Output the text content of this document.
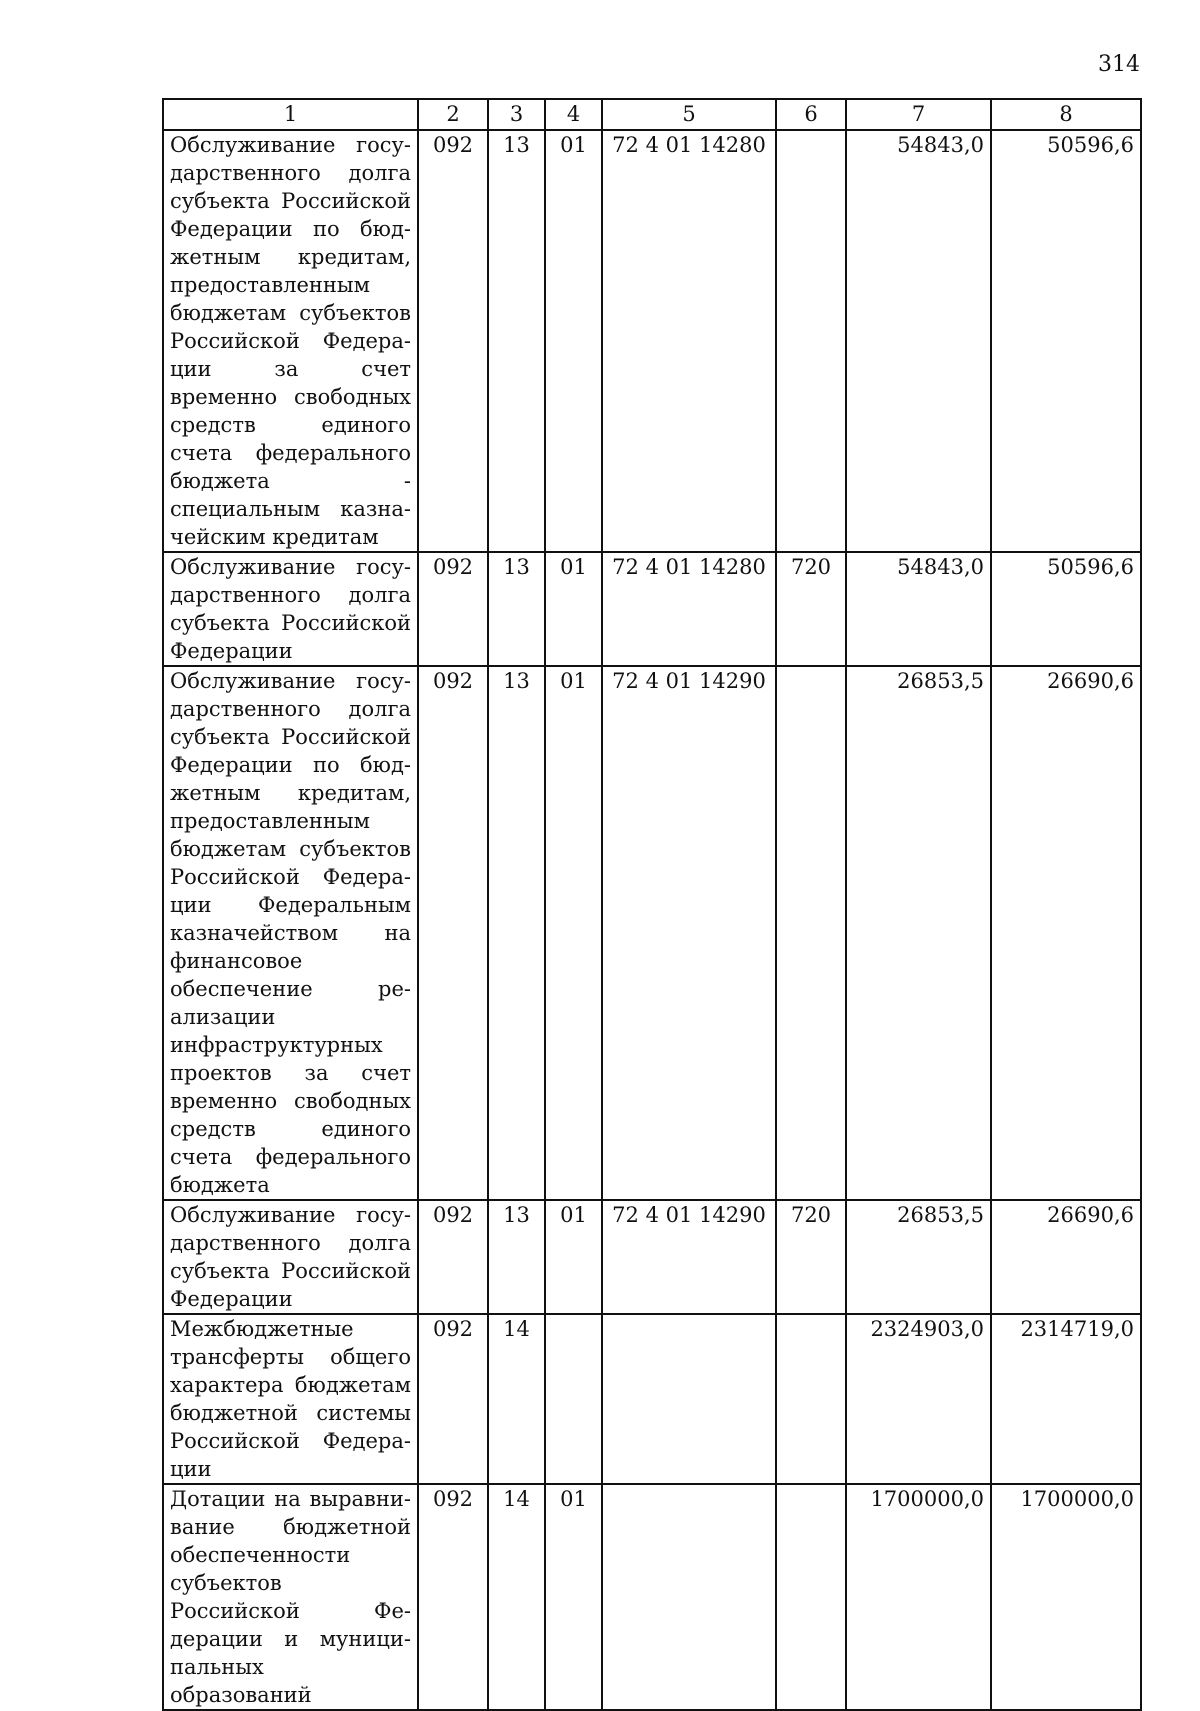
314
1	2	3	4	5	6	7	8
Обслуживание государственного долга субъекта Российской Федерации по бюджетным кредитам, предоставленным бюджетам субъектов Российской Федерации за счет временно свободных средств единого счета федерального бюджета - специальным казначейским кредитам	092	13	01	72 4 01 14280		54843,0	50596,6
Обслуживание государственного долга субъекта Российской Федерации	092	13	01	72 4 01 14280	720	54843,0	50596,6
Обслуживание государственного долга субъекта Российской Федерации по бюджетным кредитам, предоставленным бюджетам субъектов Российской Федерации Федеральным казначейством на финансовое обеспечение реализации инфраструктурных проектов за счет временно свободных средств единого счета федерального бюджета	092	13	01	72 4 01 14290		26853,5	26690,6
Обслуживание государственного долга субъекта Российской Федерации	092	13	01	72 4 01 14290	720	26853,5	26690,6
Межбюджетные трансферты общего характера бюджетам бюджетной системы Российской Федерации	092	14				2324903,0	2314719,0
Дотации на выравнивание бюджетной обеспеченности субъектов Российской Федерации и муниципальных образований	092	14	01			1700000,0	1700000,0
